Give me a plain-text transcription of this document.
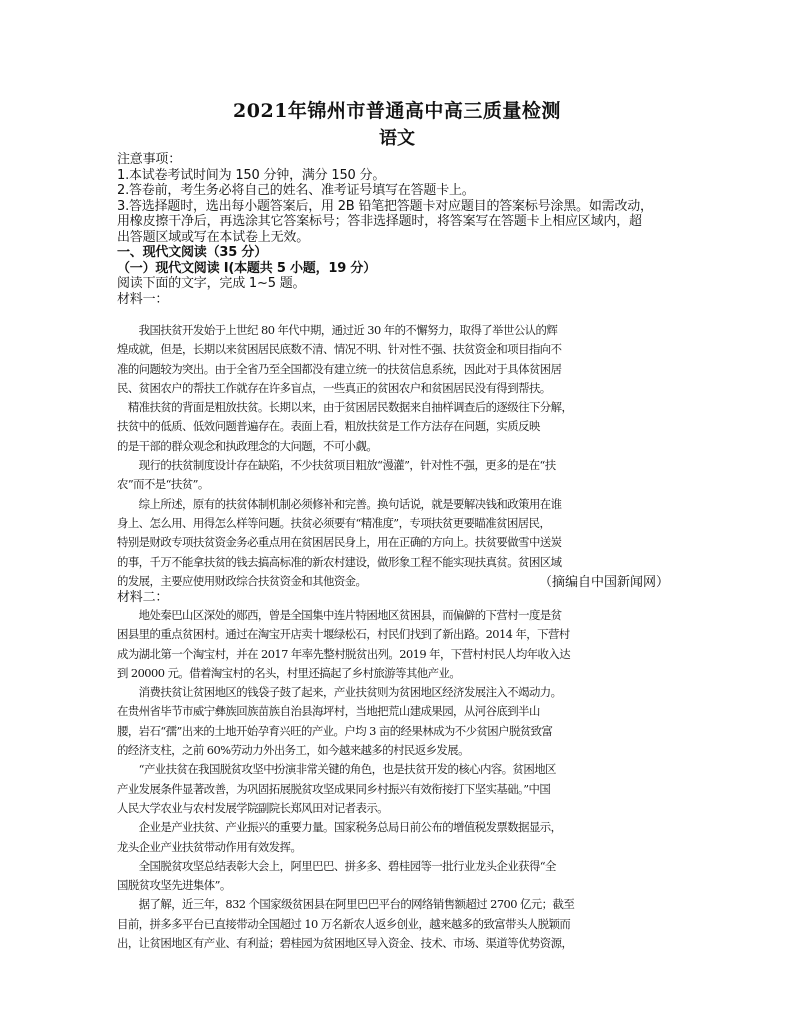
2021年锦州市普通高中高三质量检测
语文
注意事项：
1.本试卷考试时间为 150 分钟，满分 150 分。
2.答卷前，考生务必将自己的姓名、准考证号填写在答题卡上。
3.答选择题时，选出每小题答案后，用 2B 铅笔把答题卡对应题目的答案标号涂黑。如需改动，
用橡皮擦干净后，再选涂其它答案标号；答非选择题时，将答案写在答题卡上相应区域内，超
出答题区域或写在本试卷上无效。
一、现代文阅读（35 分）
（一）现代文阅读 I(本题共 5 小题，19 分）
阅读下面的文字，完成 1~5 题。
材料一：
　　我国扶贫开发始于上世纪 80 年代中期，通过近 30 年的不懈努力，取得了举世公认的辉
煌成就，但是，长期以来贫困居民底数不清、情况不明、针对性不强、扶贫资金和项目指向不
准的问题较为突出。由于全省乃至全国都没有建立统一的扶贫信息系统，因此对于具体贫困居
民、贫困农户的帮扶工作就存在许多盲点，一些真正的贫困农户和贫困居民没有得到帮扶。
　精准扶贫的背面是粗放扶贫。长期以来，由于贫困居民数据来自抽样调查后的逐级往下分解，
扶贫中的低质、低效问题普遍存在。表面上看，粗放扶贫是工作方法存在问题，实质反映
的是干部的群众观念和执政理念的大问题，不可小觑。
　　现行的扶贫制度设计存在缺陷，不少扶贫项目粗放“漫灌”，针对性不强，更多的是在“扶
农”而不是“扶贫”。
　　综上所述，原有的扶贫体制机制必须修补和完善。换句话说，就是要解决钱和政策用在谁
身上、怎么用、用得怎么样等问题。扶贫必须要有“精准度”，专项扶贫更要瞄准贫困居民，
特别是财政专项扶贫资金务必重点用在贫困居民身上，用在正确的方向上。扶贫要做雪中送炭
的事，千万不能拿扶贫的钱去搞高标准的新农村建设，做形象工程不能实现扶真贫。贫困区域
的发展，主要应使用财政综合扶贫资金和其他资金。	（摘编自中国新闻网）
材料二：
　　地处秦巴山区深处的郧西，曾是全国集中连片特困地区贫困县，而偏僻的下营村一度是贫
困县里的重点贫困村。通过在淘宝开店卖十堰绿松石，村民们找到了新出路。2014 年，下营村
成为湖北第一个淘宝村，并在 2017 年率先整村脱贫出列。2019 年，下营村村民人均年收入达
到 20000 元。借着淘宝村的名头，村里还搞起了乡村旅游等其他产业。
　　消费扶贫让贫困地区的钱袋子鼓了起来，产业扶贫则为贫困地区经济发展注入不竭动力。
在贵州省毕节市威宁彝族回族苗族自治县海坪村，当地把荒山建成果园，从河谷底到半山
腰，岩石“孺”出来的土地开始孕育兴旺的产业。户均 3 亩的经果林成为不少贫困户脱贫致富
的经济支柱，之前 60%劳动力外出务工，如今越来越多的村民返乡发展。
　　“产业扶贫在我国脱贫攻坚中扮演非常关键的角色，也是扶贫开发的核心内容。贫困地区
产业发展条件显著改善，为巩固拓展脱贫攻坚成果同乡村振兴有效衔接打下坚实基础。”中国
人民大学农业与农村发展学院副院长郑风田对记者表示。
　　企业是产业扶贫、产业振兴的重要力量。国家税务总局日前公布的增值税发票数据显示，
龙头企业产业扶贫带动作用有效发挥。
　　全国脱贫攻坚总结表彰大会上，阿里巴巴、拼多多、碧桂园等一批行业龙头企业获得“全
国脱贫攻坚先进集体”。
　　据了解，近三年，832 个国家级贫困县在阿里巴巴平台的网络销售额超过 2700 亿元；截至
目前，拼多多平台已直接带动全国超过 10 万名新农人返乡创业，越来越多的致富带头人脱颖而
出，让贫困地区有产业、有利益；碧桂园为贫困地区导入资金、技术、市场、渠道等优势资源，
